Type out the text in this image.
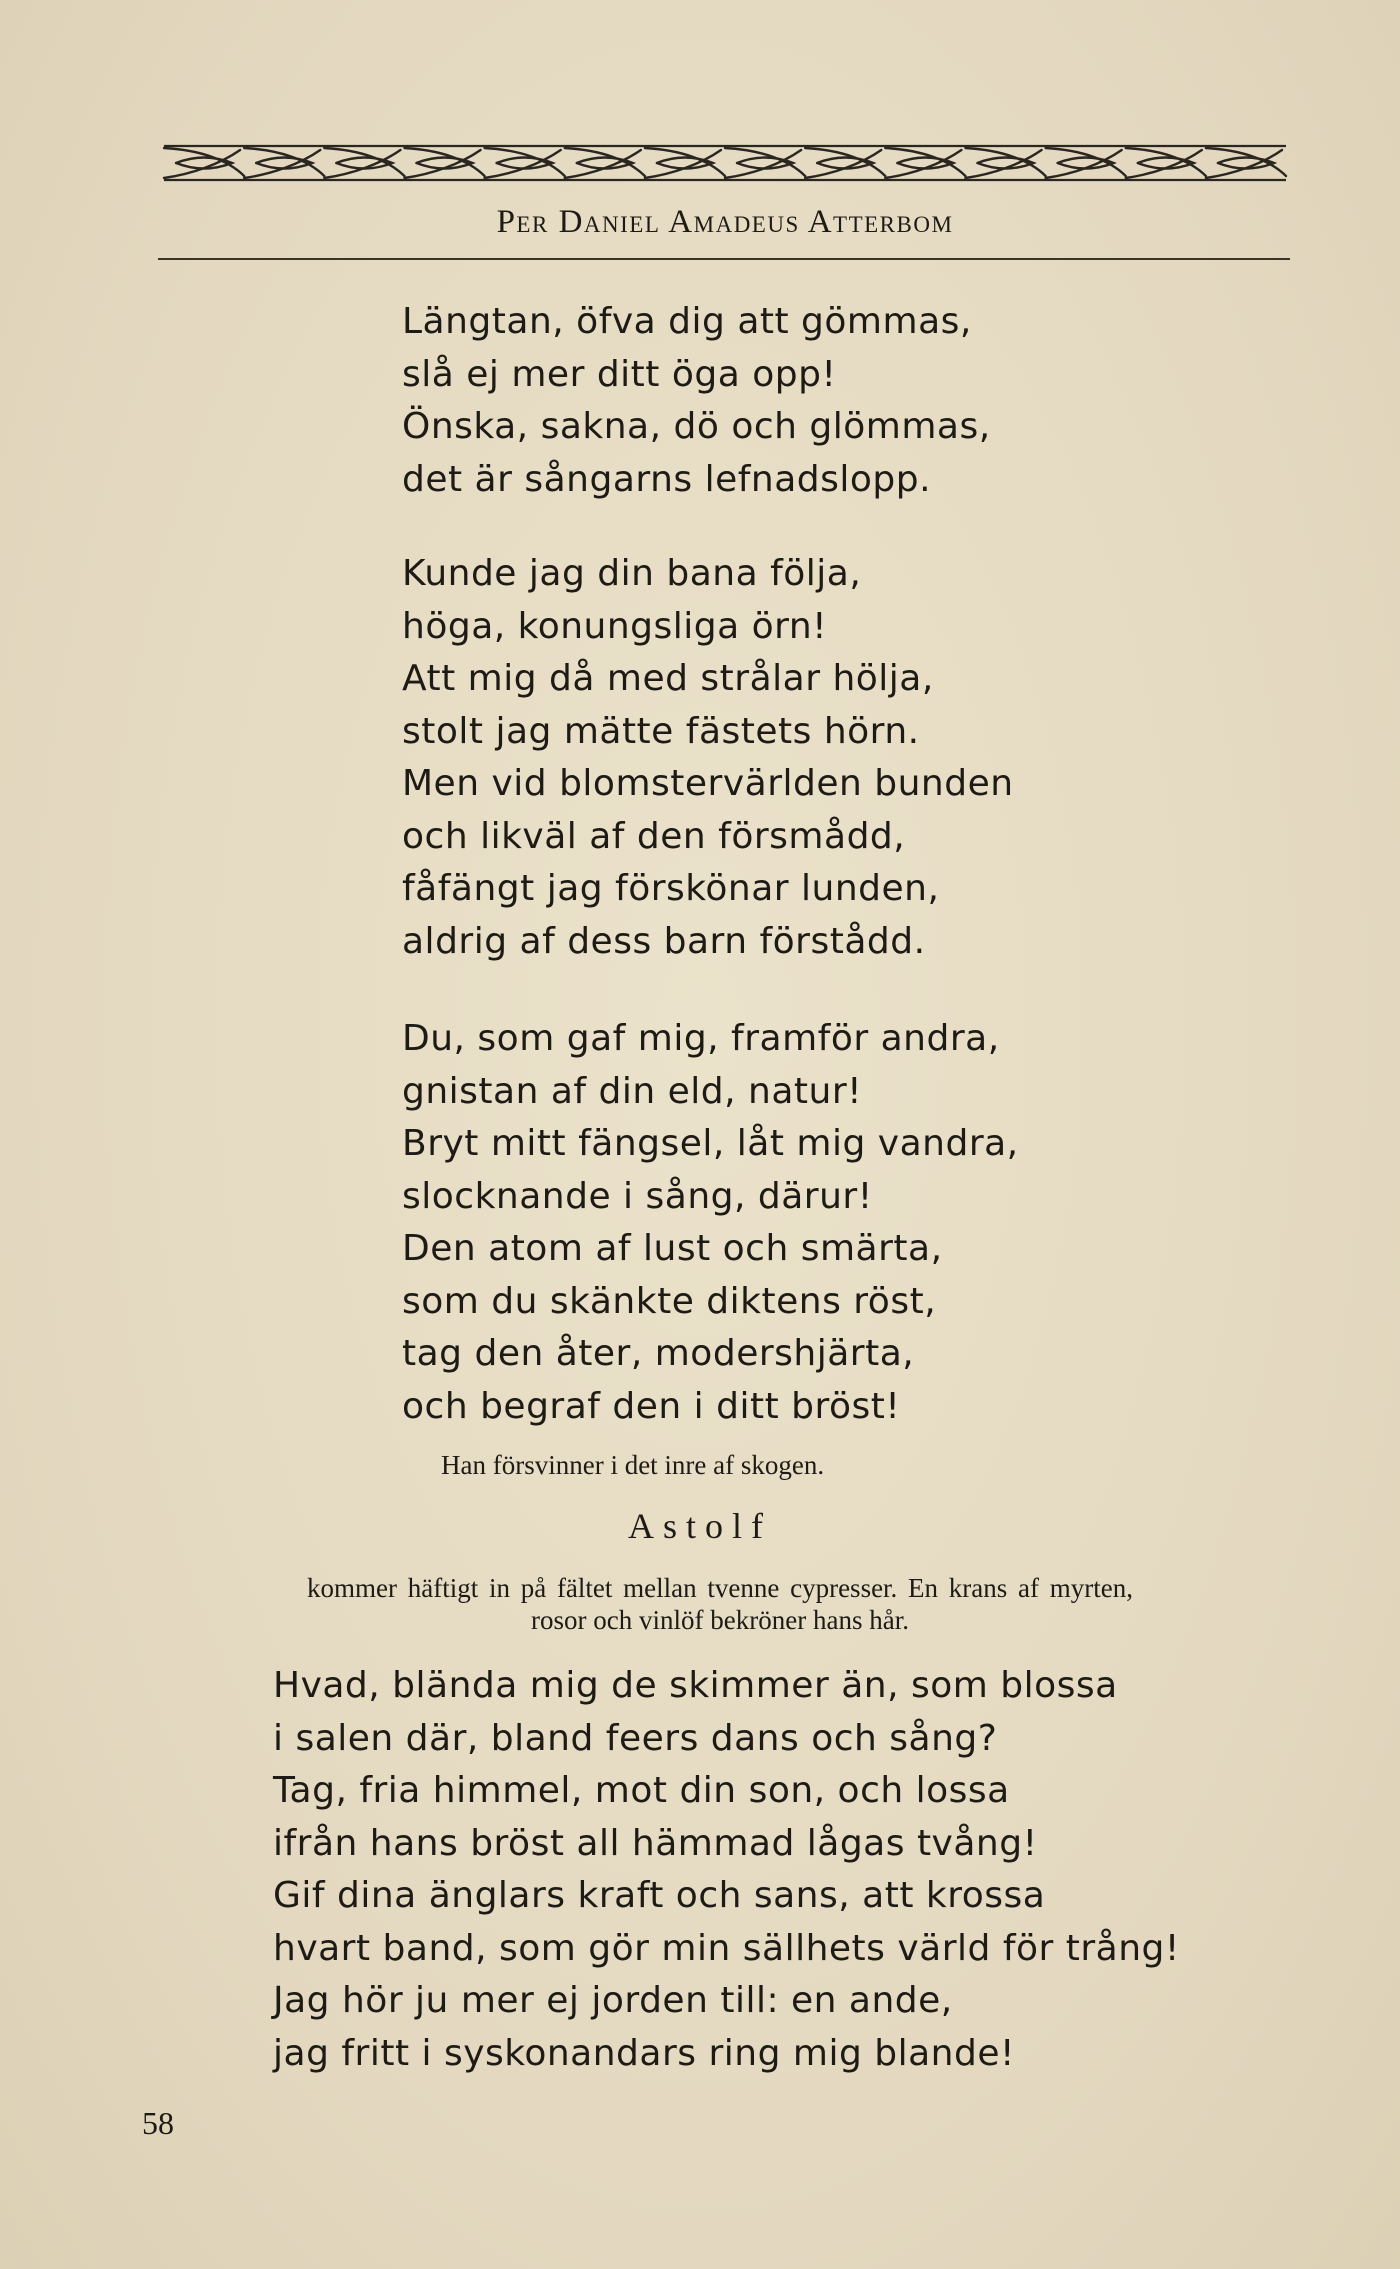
Per Daniel Amadeus Atterbom
Längtan, öfva dig att gömmas,
slå ej mer ditt öga opp!
Önska, sakna, dö och glömmas,
det är sångarns lefnadslopp.
Kunde jag din bana följa,
höga, konungsliga örn!
Att mig då med strålar hölja,
stolt jag mätte fästets hörn.
Men vid blomstervärlden bunden
och likväl af den försmådd,
fåfängt jag förskönar lunden,
aldrig af dess barn förstådd.
Du, som gaf mig, framför andra,
gnistan af din eld, natur!
Bryt mitt fängsel, låt mig vandra,
slocknande i sång, därur!
Den atom af lust och smärta,
som du skänkte diktens röst,
tag den åter, modershjärta,
och begraf den i ditt bröst!
Han försvinner i det inre af skogen.
Astolf
kommer häftigt in på fältet mellan tvenne cypresser. En krans af myrten,
rosor och vinlöf bekröner hans hår.
Hvad, blända mig de skimmer än, som blossa
i salen där, bland feers dans och sång?
Tag, fria himmel, mot din son, och lossa
ifrån hans bröst all hämmad lågas tvång!
Gif dina änglars kraft och sans, att krossa
hvart band, som gör min sällhets värld för trång!
Jag hör ju mer ej jorden till: en ande,
jag fritt i syskonandars ring mig blande!
58
